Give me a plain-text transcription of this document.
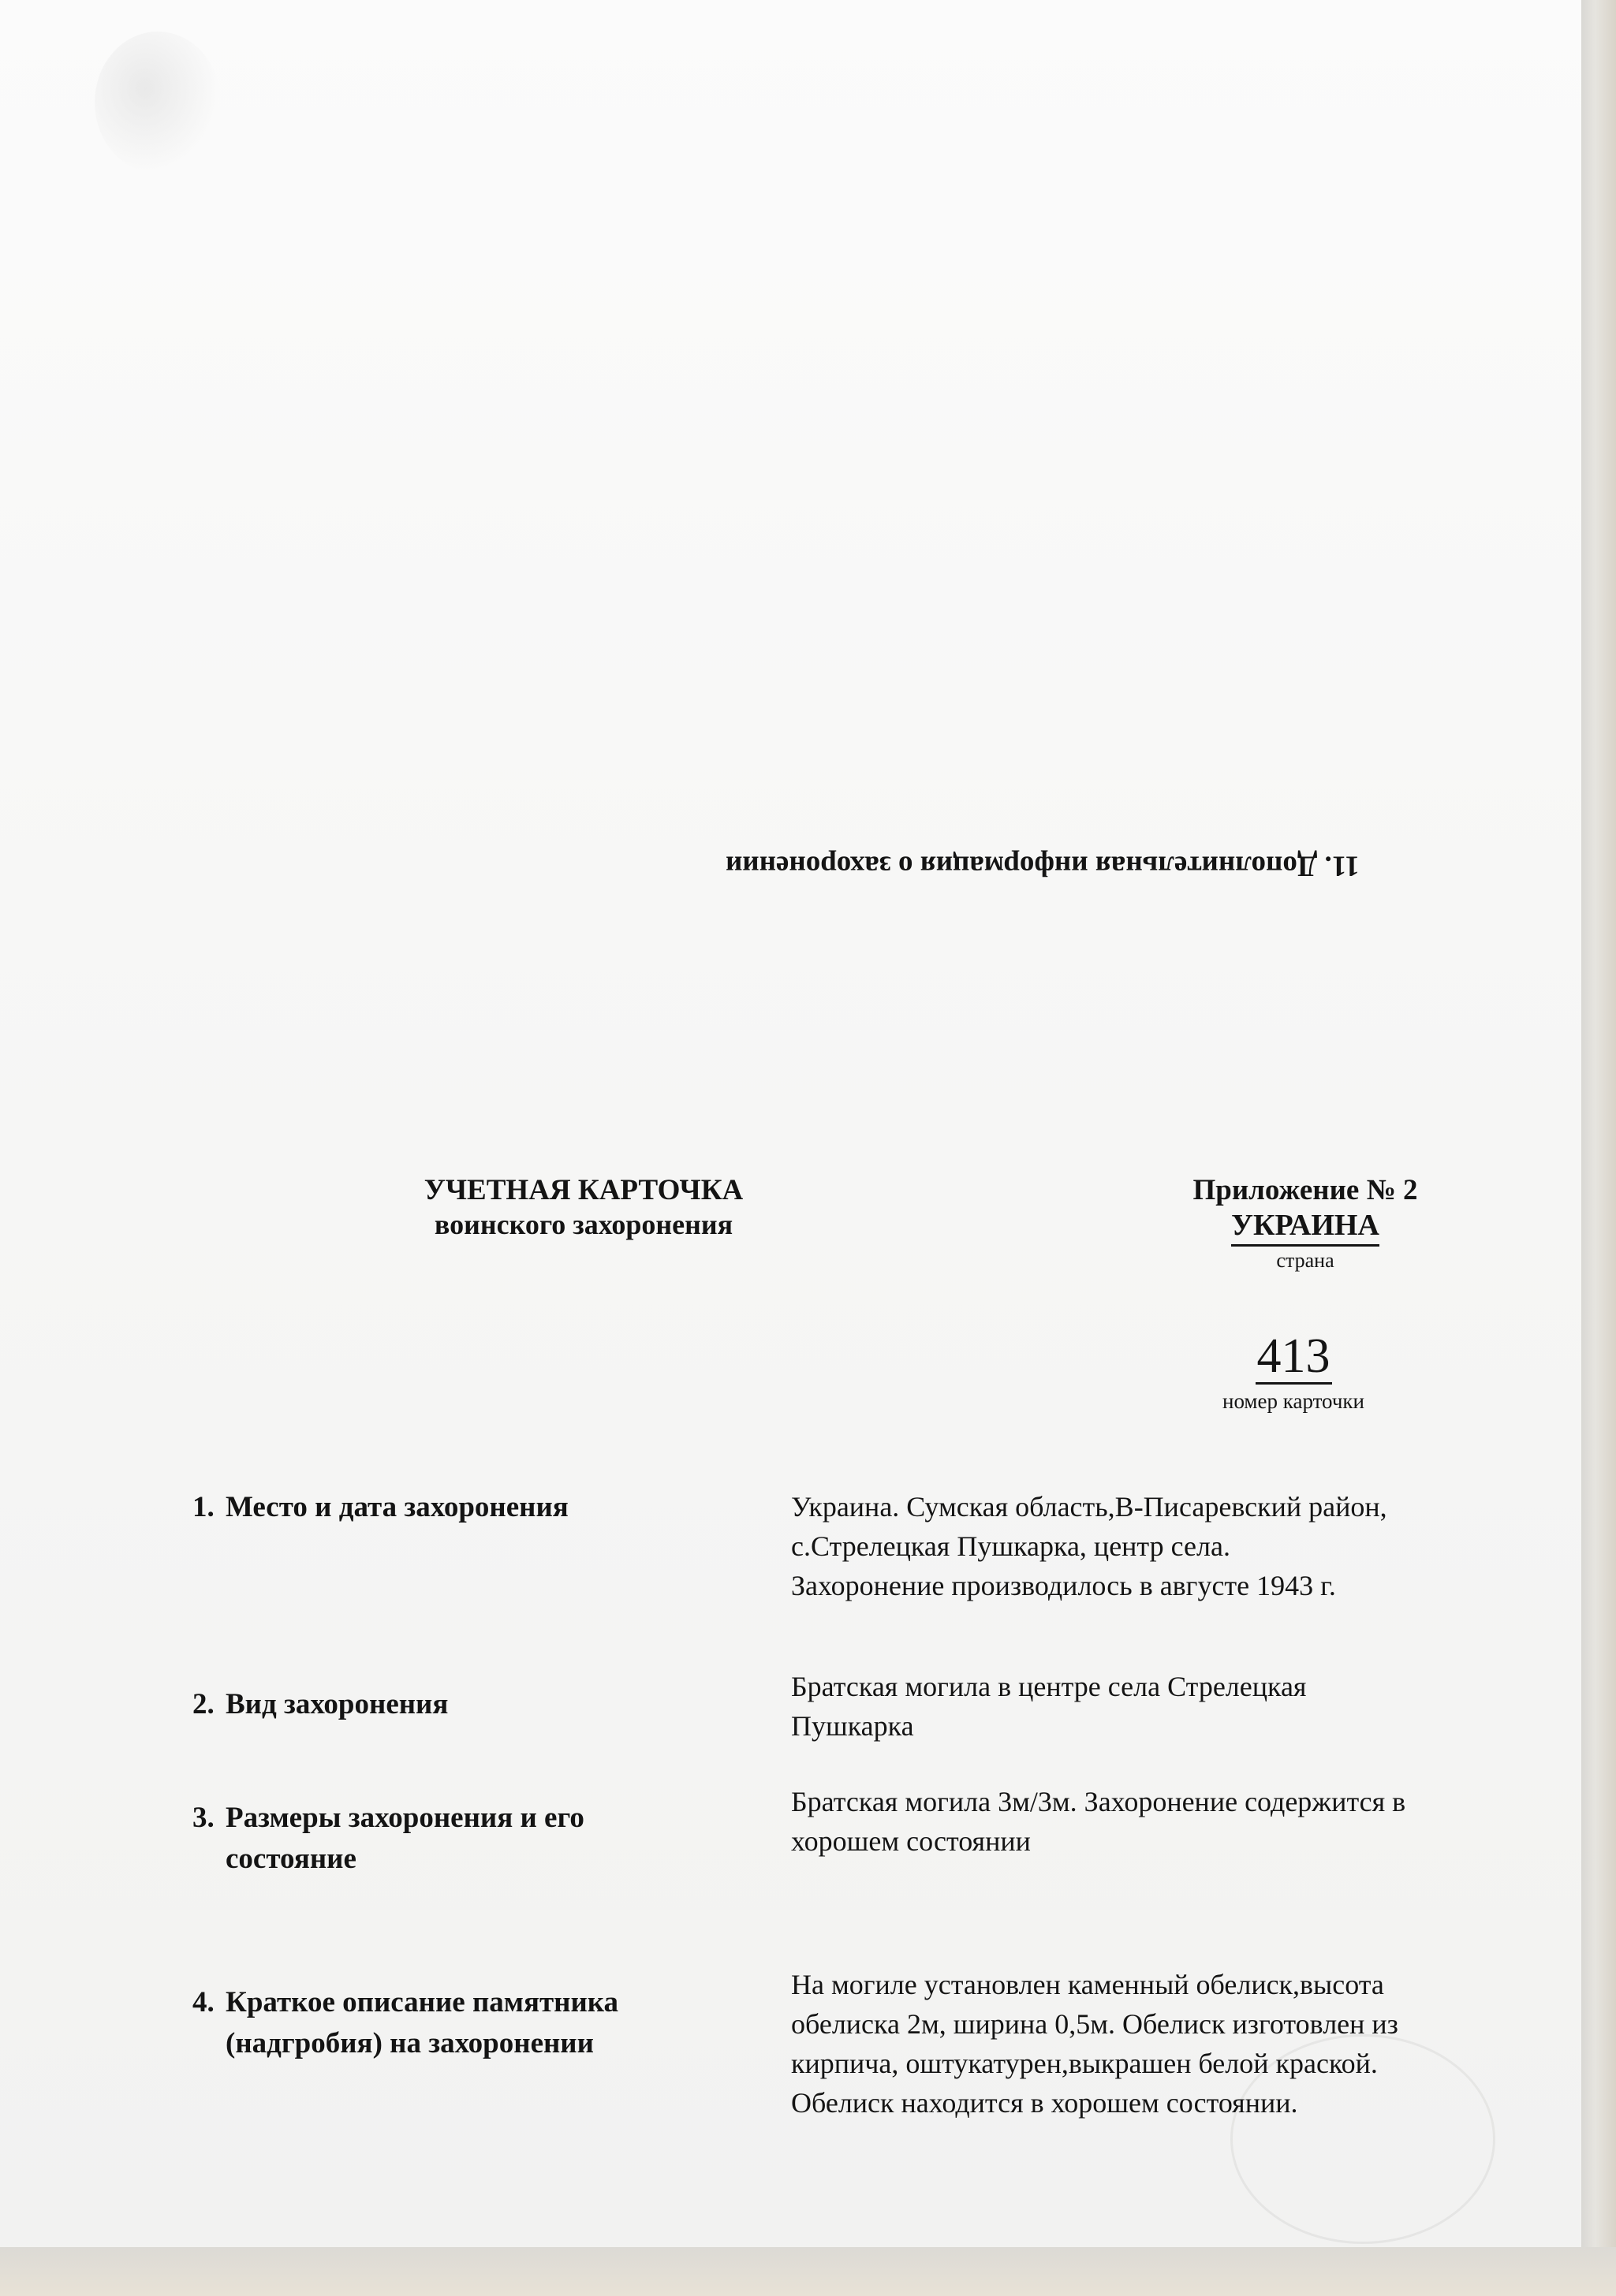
11. Дополнительная информация о захоронении
УЧЕТНАЯ КАРТОЧКА
воинского захоронения
Приложение № 2
УКРАИНА
страна
413
номер карточки
1. Место и дата захоронения	Украина. Сумская область,В-Писаревский район,
с.Стрелецкая Пушкарка, центр села.
Захоронение производилось в августе 1943 г.
2. Вид захоронения
Братская могила в центре села Стрелецкая
Пушкарка
3. Размеры захоронения и его
состояние
Братская могила 3м/3м. Захоронение содержится в
хорошем состоянии
4. Краткое описание памятника
(надгробия) на захоронении
На могиле установлен каменный обелиск,высота
обелиска 2м, ширина 0,5м. Обелиск изготовлен из
кирпича, оштукатурен,выкрашен белой краской.
Обелиск находится в хорошем состоянии.
